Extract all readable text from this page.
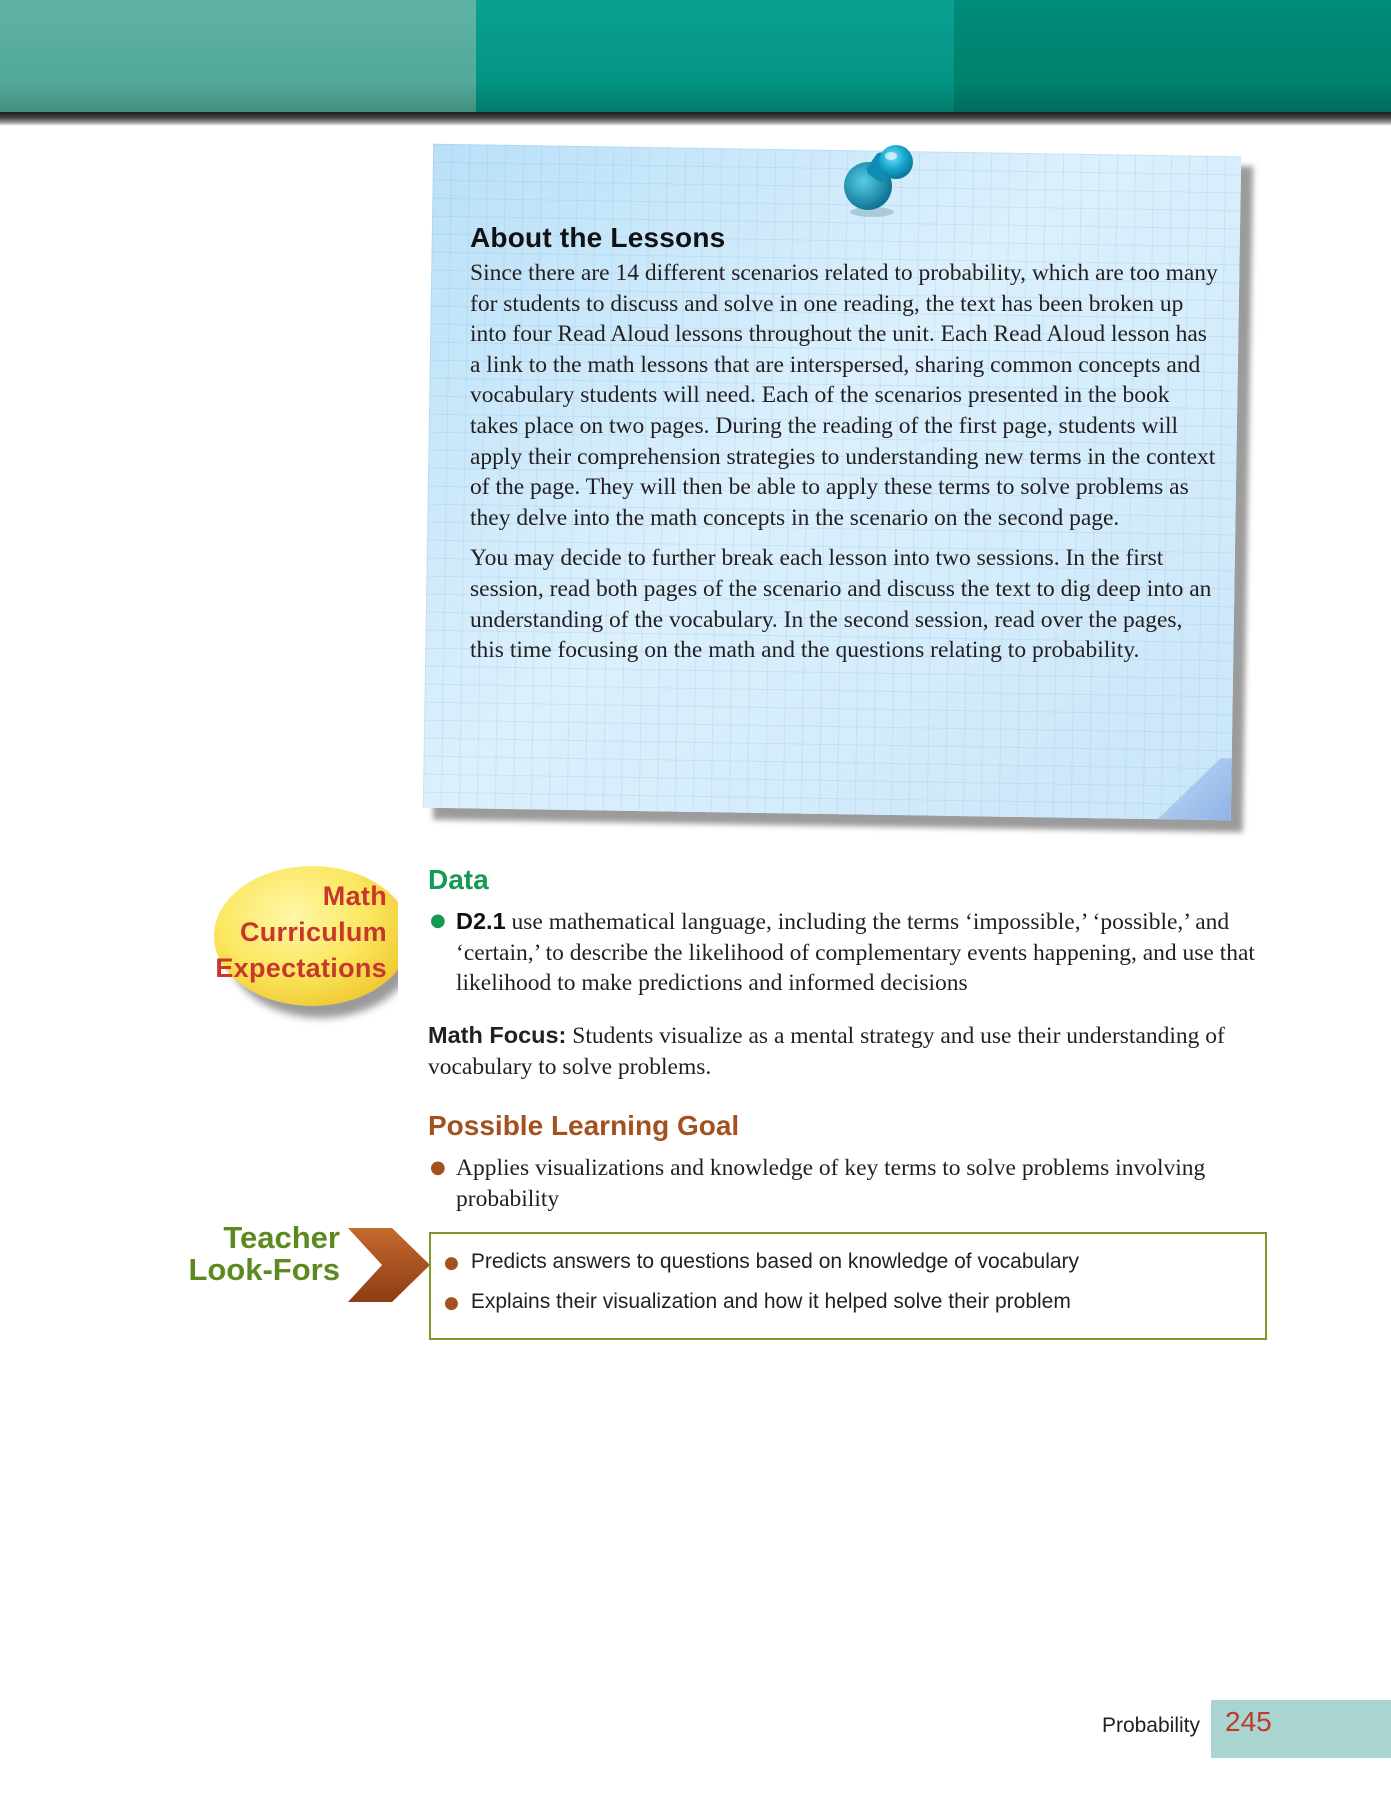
About the Lessons

Since there are 14 different scenarios related to probability, which are too many for students to discuss and solve in one reading, the text has been broken up into four Read Aloud lessons throughout the unit. Each Read Aloud lesson has a link to the math lessons that are interspersed, sharing common concepts and vocabulary students will need. Each of the scenarios presented in the book takes place on two pages. During the reading of the first page, students will apply their comprehension strategies to understanding new terms in the context of the page. They will then be able to apply these terms to solve problems as they delve into the math concepts in the scenario on the second page.

You may decide to further break each lesson into two sessions. In the first session, read both pages of the scenario and discuss the text to dig deep into an understanding of the vocabulary. In the second session, read over the pages, this time focusing on the math and the questions relating to probability.

Math
Curriculum
Expectations
Data
● D2.1 use mathematical language, including the terms ‘impossible,’ ‘possible,’ and ‘certain,’ to describe the likelihood of complementary events happening, and use that likelihood to make predictions and informed decisions
Math Focus: Students visualize as a mental strategy and use their understanding of vocabulary to solve problems.
Possible Learning Goal
● Applies visualizations and knowledge of key terms to solve problems involving probability
Teacher
Look-Fors	● Predicts answers to questions based on knowledge of vocabulary
● Explains their visualization and how it helped solve their problem
Probability 245
